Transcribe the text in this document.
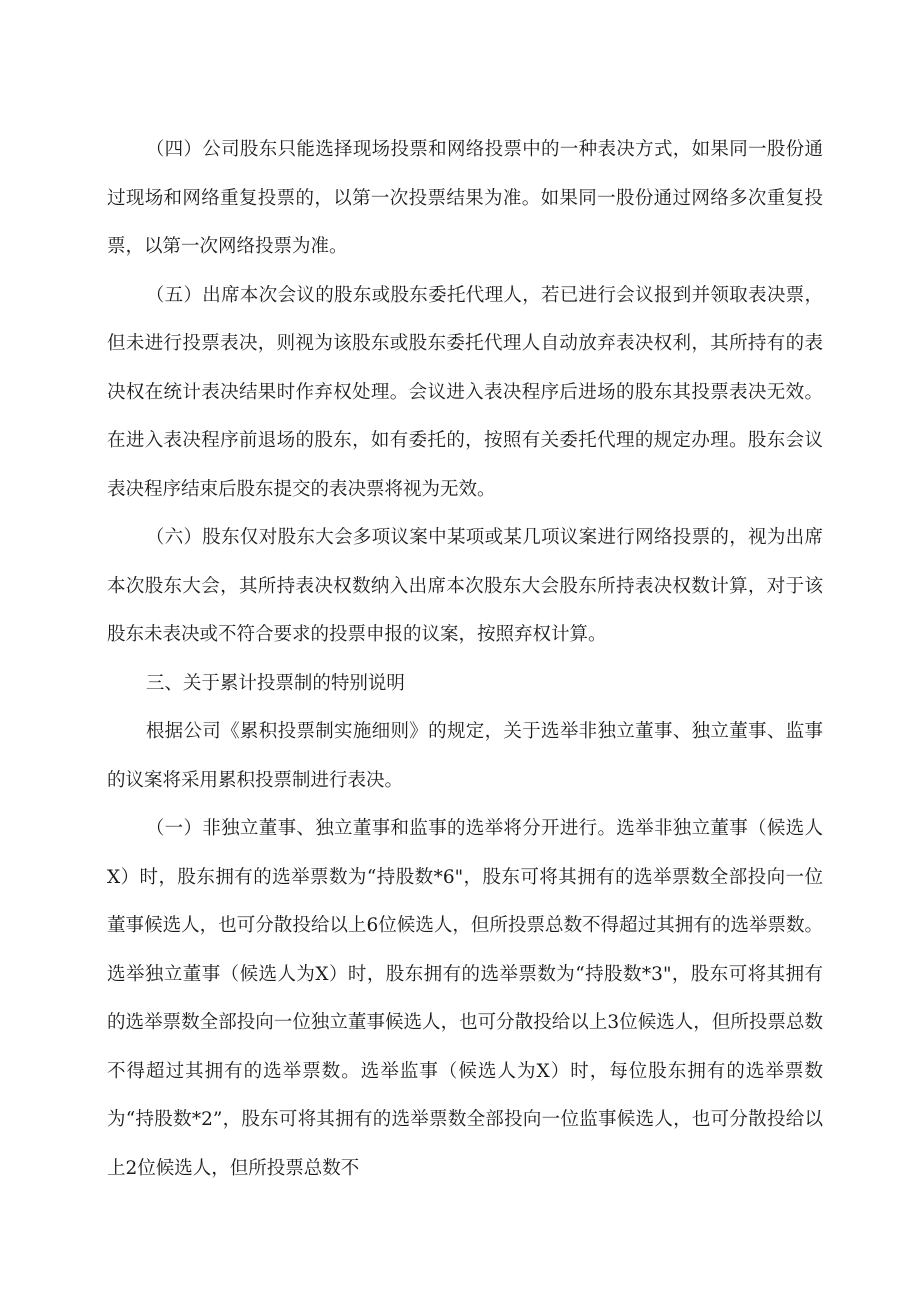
（四）公司股东只能选择现场投票和网络投票中的一种表决方式，如果同一股份通过现场和网络重复投票的，以第一次投票结果为准。如果同一股份通过网络多次重复投票，以第一次网络投票为准。

（五）出席本次会议的股东或股东委托代理人，若已进行会议报到并领取表决票，但未进行投票表决，则视为该股东或股东委托代理人自动放弃表决权利，其所持有的表决权在统计表决结果时作弃权处理。会议进入表决程序后进场的股东其投票表决无效。在进入表决程序前退场的股东，如有委托的，按照有关委托代理的规定办理。股东会议表决程序结束后股东提交的表决票将视为无效。

（六）股东仅对股东大会多项议案中某项或某几项议案进行网络投票的，视为出席本次股东大会，其所持表决权数纳入出席本次股东大会股东所持表决权数计算，对于该股东未表决或不符合要求的投票申报的议案，按照弃权计算。

三、关于累计投票制的特别说明

根据公司《累积投票制实施细则》的规定，关于选举非独立董事、独立董事、监事的议案将采用累积投票制进行表决。

（一）非独立董事、独立董事和监事的选举将分开进行。选举非独立董事（候选人X）时，股东拥有的选举票数为“持股数*6"，股东可将其拥有的选举票数全部投向一位董事候选人，也可分散投给以上6位候选人，但所投票总数不得超过其拥有的选举票数。选举独立董事（候选人为X）时，股东拥有的选举票数为“持股数*3"，股东可将其拥有的选举票数全部投向一位独立董事候选人，也可分散投给以上3位候选人，但所投票总数不得超过其拥有的选举票数。选举监事（候选人为X）时，每位股东拥有的选举票数为“持股数*2”，股东可将其拥有的选举票数全部投向一位监事候选人，也可分散投给以上2位候选人，但所投票总数不
